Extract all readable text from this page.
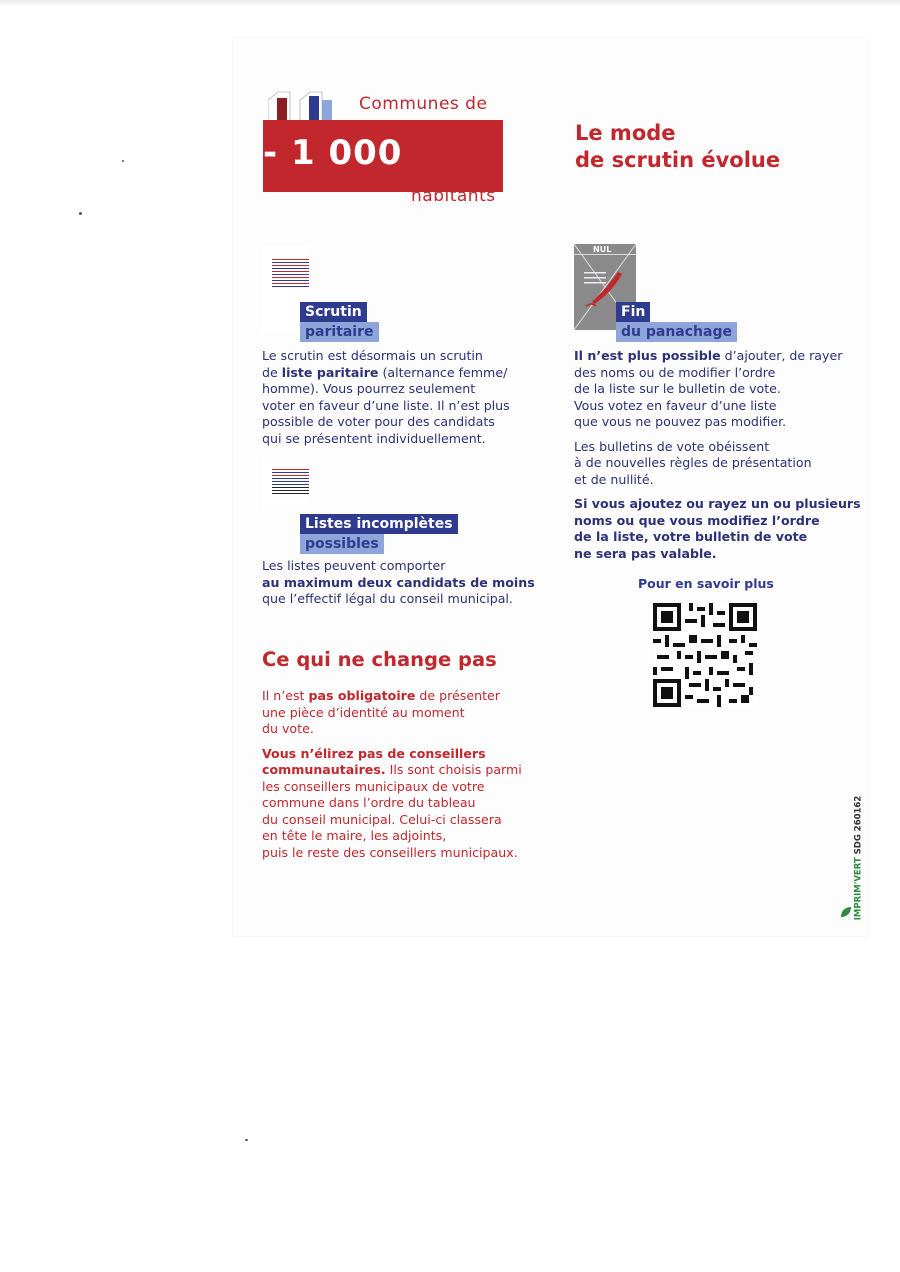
Communes de
- 1 000
habitants
Le mode
de scrutin évolue
Scrutin
paritaire
Le scrutin est désormais un scrutin
de liste paritaire (alternance femme/
homme). Vous pourrez seulement
voter en faveur d’une liste. Il n’est plus
possible de voter pour des candidats
qui se présentent individuellement.
Listes incomplètes
possibles
Les listes peuvent comporter
au maximum deux candidats de moins
que l’effectif légal du conseil municipal.
Ce qui ne change pas
Il n’est pas obligatoire de présenter
une pièce d’identité au moment
du vote.
Vous n’élirez pas de conseillers
communautaires. Ils sont choisis parmi
les conseillers municipaux de votre
commune dans l’ordre du tableau
du conseil municipal. Celui-ci classera
en tête le maire, les adjoints,
puis le reste des conseillers municipaux.
NUL
Fin
du panachage
Il n’est plus possible d’ajouter, de rayer
des noms ou de modifier l’ordre
de la liste sur le bulletin de vote.
Vous votez en faveur d’une liste
que vous ne pouvez pas modifier.
Les bulletins de vote obéissent
à de nouvelles règles de présentation
et de nullité.
Si vous ajoutez ou rayez un ou plusieurs
noms ou que vous modifiez l’ordre
de la liste, votre bulletin de vote
ne sera pas valable.
Pour en savoir plus
IMPRIM'VERT SDG 260162
